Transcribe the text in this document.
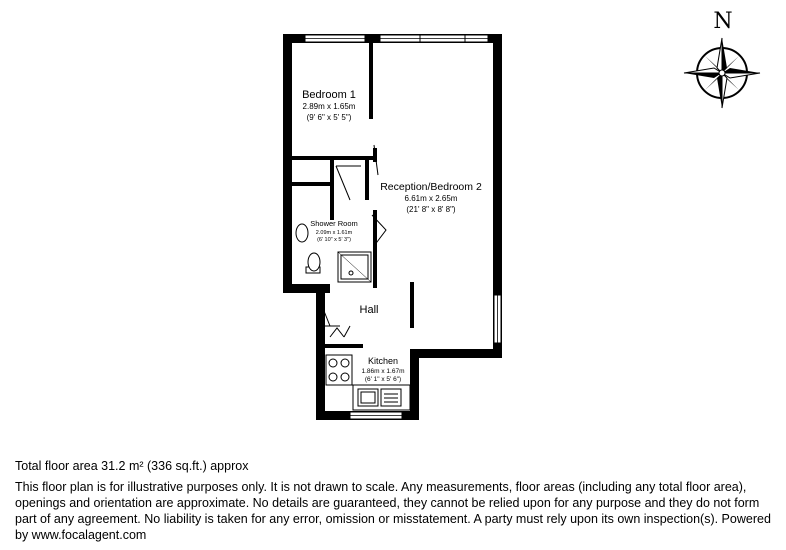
Bedroom 1
2.89m x 1.65m
(9' 6" x 5' 5")
Reception/Bedroom 2
6.61m x 2.65m
(21' 8" x 8' 8")
Shower Room
2.09m x 1.61m
(6' 10" x 5' 3")
Hall
Kitchen
1.86m x 1.67m
(6' 1" x 5' 6")
N
Total floor area 31.2 m² (336 sq.ft.) approx
This floor plan is for illustrative purposes only. It is not drawn to scale. Any measurements, floor areas (including any total floor area), openings and orientation are approximate. No details are guaranteed, they cannot be relied upon for any purpose and they do not form part of any agreement. No liability is taken for any error, omission or misstatement. A party must rely upon its own inspection(s). Powered by www.focalagent.com
